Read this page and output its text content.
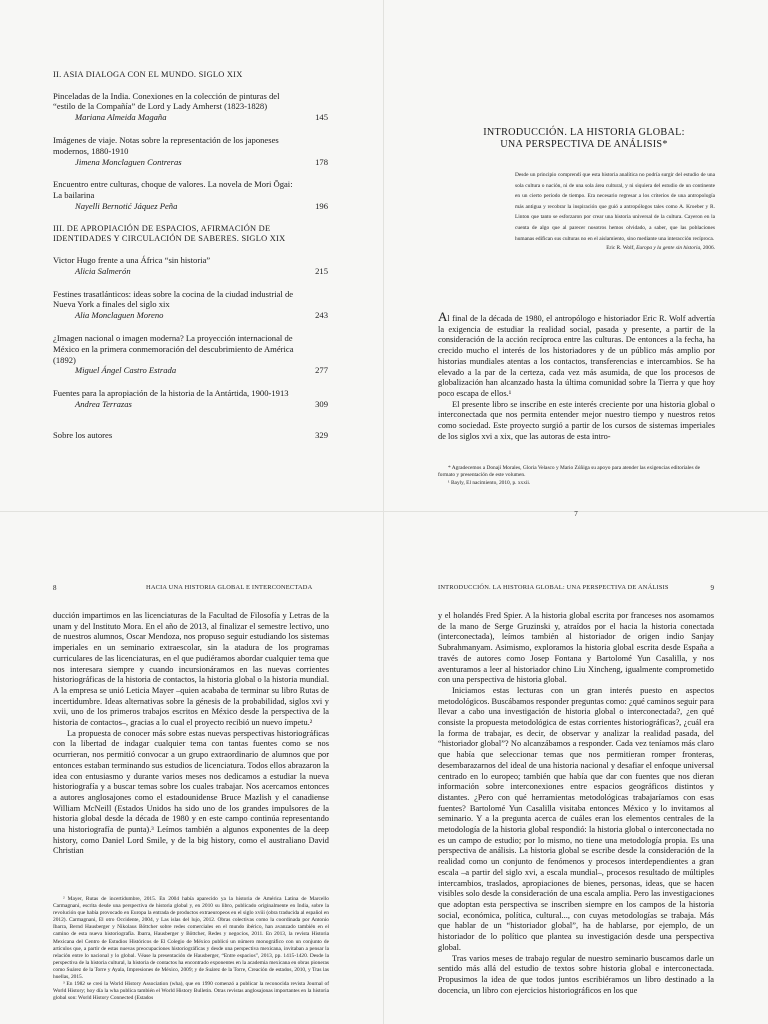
II. ASIA DIALOGA CON EL MUNDO. SIGLO XIX
Pinceladas de la India. Conexiones en la colección de pinturas del “estilo de la Compañía” de Lord y Lady Amherst (1823-1828)
Mariana Almeida Magaña	145
Imágenes de viaje. Notas sobre la representación de los japoneses modernos, 1880-1910
Jimena Monclaguen Contreras	178
Encuentro entre culturas, choque de valores. La novela de Mori Ōgai: La bailarina
Nayelli Bernotić Jáquez Peña	196
III. DE APROPIACIÓN DE ESPACIOS, AFIRMACIÓN DE IDENTIDADES Y CIRCULACIÓN DE SABERES. SIGLO XIX
Victor Hugo frente a una África “sin historia”
Alicia Salmerón	215
Festines trasatlánticos: ideas sobre la cocina de la ciudad industrial de Nueva York a finales del siglo xix
Alia Monclaguen Moreno	243
¿Imagen nacional o imagen moderna? La proyección internacional de México en la primera conmemoración del descubrimiento de América (1892)
Miguel Ángel Castro Estrada	277
Fuentes para la apropiación de la historia de la Antártida, 1900-1913
Andrea Terrazas	309
Sobre los autores	329
INTRODUCCIÓN. LA HISTORIA GLOBAL:
UNA PERSPECTIVA DE ANÁLISIS*
Desde un principio comprendí que esta historia analítica no podría surgir del estudio de una sola cultura o nación, ni de una sola área cultural, y ni siquiera del estudio de un continente en un cierto periodo de tiempo. Era necesario regresar a los criterios de una antropología más antigua y recobrar la inspiración que guió a antropólogos tales como A. Kroeber y R. Linton que tanto se esforzaron por crear una historia universal de la cultura. Cayeron en la cuenta de algo que al parecer nosotros hemos olvidado, a saber, que las poblaciones humanas edifican sus culturas no en el aislamiento, sino mediante una interacción recíproca.
Eric R. Wolf, Europa y la gente sin historia, 2006.

Al final de la década de 1980, el antropólogo e historiador Eric R. Wolf advertía la exigencia de estudiar la realidad social, pasada y presente, a partir de la consideración de la acción recíproca entre las culturas. De entonces a la fecha, ha crecido mucho el interés de los historiadores y de un público más amplio por historias mundiales atentas a los contactos, transferencias e intercambios. Se ha elevado a la par de la certeza, cada vez más asumida, de que los procesos de globalización han alcanzado hasta la última comunidad sobre la Tierra y que hoy poco escapa de ellos.¹

El presente libro se inscribe en este interés creciente por una historia global o interconectada que nos permita entender mejor nuestro tiempo y nuestros retos como sociedad. Este proyecto surgió a partir de los cursos de sistemas imperiales de los siglos xvi a xix, que las autoras de esta intro-

* Agradecemos a Donají Morales, Gloria Velasco y Mario Zúñiga su apoyo para atender las exigencias editoriales de formato y presentación de este volumen.

¹ Bayly, El nacimiento, 2010, p. xxxii.

7
8	HACIA UNA HISTORIA GLOBAL E INTERCONECTADA

ducción impartimos en las licenciaturas de la Facultad de Filosofía y Letras de la unam y del Instituto Mora. En el año de 2013, al finalizar el semestre lectivo, uno de nuestros alumnos, Oscar Mendoza, nos propuso seguir estudiando los sistemas imperiales en un seminario extraescolar, sin la atadura de los programas curriculares de las licenciaturas, en el que pudiéramos abordar cualquier tema que nos interesara siempre y cuando incursionáramos en las nuevas corrientes historiográficas de la historia de contactos, la historia global o la historia mundial. A la empresa se unió Leticia Mayer –quien acababa de terminar su libro Rutas de incertidumbre. Ideas alternativas sobre la génesis de la probabilidad, siglos xvi y xvii, uno de los primeros trabajos escritos en México desde la perspectiva de la historia de contactos–, gracias a lo cual el proyecto recibió un nuevo ímpetu.²

La propuesta de conocer más sobre estas nuevas perspectivas historiográficas con la libertad de indagar cualquier tema con tantas fuentes como se nos ocurrieran, nos permitió convocar a un grupo extraordinario de alumnos que por entonces estaban terminando sus estudios de licenciatura. Todos ellos abrazaron la idea con entusiasmo y durante varios meses nos dedicamos a estudiar la nueva historiografía y a buscar temas sobre los cuales trabajar. Nos acercamos entonces a autores anglosajones como el estadounidense Bruce Mazlish y el canadiense William McNeill (Estados Unidos ha sido uno de los grandes impulsores de la historia global desde la década de 1980 y en este campo continúa representando una historiografía de punta).³ Leímos también a algunos exponentes de la deep history, como Daniel Lord Smile, y de la big history, como el australiano David Christian

² Mayer, Rutas de incertidumbre, 2015. En 2004 había aparecido ya la historia de América Latina de Marcello Carmagnani, escrita desde una perspectiva de historia global y, en 2010 su libro, publicado originalmente en India, sobre la revolución que había provocado en Europa la entrada de productos extraeuropeos en el siglo xviii (obra traducida al español en 2012). Carmagnani, El otro Occidente, 2004, y Las islas del lujo, 2012. Obras colectivas como la coordinada por Antonio Ibarra, Bernd Hausberger y Nikolaus Böttcher sobre redes comerciales en el mundo ibérico, han avanzado también en el camino de esta nueva historiografía. Ibarra, Hausberger y Böttcher, Redes y negocios, 2011. En 2013, la revista Historia Mexicana del Centro de Estudios Históricos de El Colegio de México publicó un número monográfico con un conjunto de artículos que, a partir de estas nuevas preocupaciones historiográficas y desde una perspectiva mexicana, invitaban a pensar la relación entre lo nacional y lo global. Véase la presentación de Hausberger, “Entre espacios”, 2013, pp. 1415-1420. Desde la perspectiva de la historia cultural, la historia de contactos ha encontrado exponentes en la academia mexicana en obras pioneras como Suárez de la Torre y Ayala, Impresiones de México, 2009; y de Suárez de la Torre, Creación de estados, 2010, y Tras las huellas, 2015.

³ En 1982 se creó la World History Association (wha), que en 1990 comenzó a publicar la reconocida revista Journal of World History; hoy día la wha publica también el World History Bulletin. Otras revistas anglosajonas importantes en la historia global son: World History Connected (Estados

INTRODUCCIÓN. LA HISTORIA GLOBAL: UNA PERSPECTIVA DE ANÁLISIS	9

y el holandés Fred Spier. A la historia global escrita por franceses nos asomamos de la mano de Serge Gruzinski y, atraídos por el hacia la historia conectada (interconectada), leímos también al historiador de origen indio Sanjay Subrahmanyam. Asimismo, exploramos la historia global escrita desde España a través de autores como Josep Fontana y Bartolomé Yun Casalilla, y nos aventuramos a leer al historiador chino Liu Xincheng, igualmente comprometido con una perspectiva de historia global.

Iniciamos estas lecturas con un gran interés puesto en aspectos metodológicos. Buscábamos responder preguntas como: ¿qué caminos seguir para llevar a cabo una investigación de historia global o interconectada?, ¿en qué consiste la propuesta metodológica de estas corrientes historiográficas?, ¿cuál era la forma de trabajar, es decir, de observar y analizar la realidad pasada, del “historiador global”? No alcanzábamos a responder. Cada vez teníamos más claro que había que seleccionar temas que nos permitieran romper fronteras, desembarazarnos del ideal de una historia nacional y desafiar el enfoque universal centrado en lo europeo; también que había que dar con fuentes que nos dieran información sobre interconexiones entre espacios geográficos distintos y distantes. ¿Pero con qué herramientas metodológicas trabajaríamos con esas fuentes? Bartolomé Yun Casalilla visitaba entonces México y lo invitamos al seminario. Y a la pregunta acerca de cuáles eran los elementos centrales de la metodología de la historia global respondió: la historia global o interconectada no es un campo de estudio; por lo mismo, no tiene una metodología propia. Es una perspectiva de análisis. La historia global se escribe desde la consideración de la realidad como un conjunto de fenómenos y procesos interdependientes a gran escala –a partir del siglo xvi, a escala mundial–, procesos resultado de múltiples intercambios, traslados, apropiaciones de bienes, personas, ideas, que se hacen visibles solo desde la consideración de una escala amplia. Pero las investigaciones que adoptan esta perspectiva se inscriben siempre en los campos de la historia social, económica, política, cultural..., con cuyas metodologías se trabaja. Más que hablar de un “historiador global”, ha de hablarse, por ejemplo, de un historiador de lo político que plantea su investigación desde una perspectiva global.

Tras varios meses de trabajo regular de nuestro seminario buscamos darle un sentido más allá del estudio de textos sobre historia global e interconectada. Propusimos la idea de que todos juntos escribiéramos un libro destinado a la docencia, un libro con ejercicios historiográficos en los que
